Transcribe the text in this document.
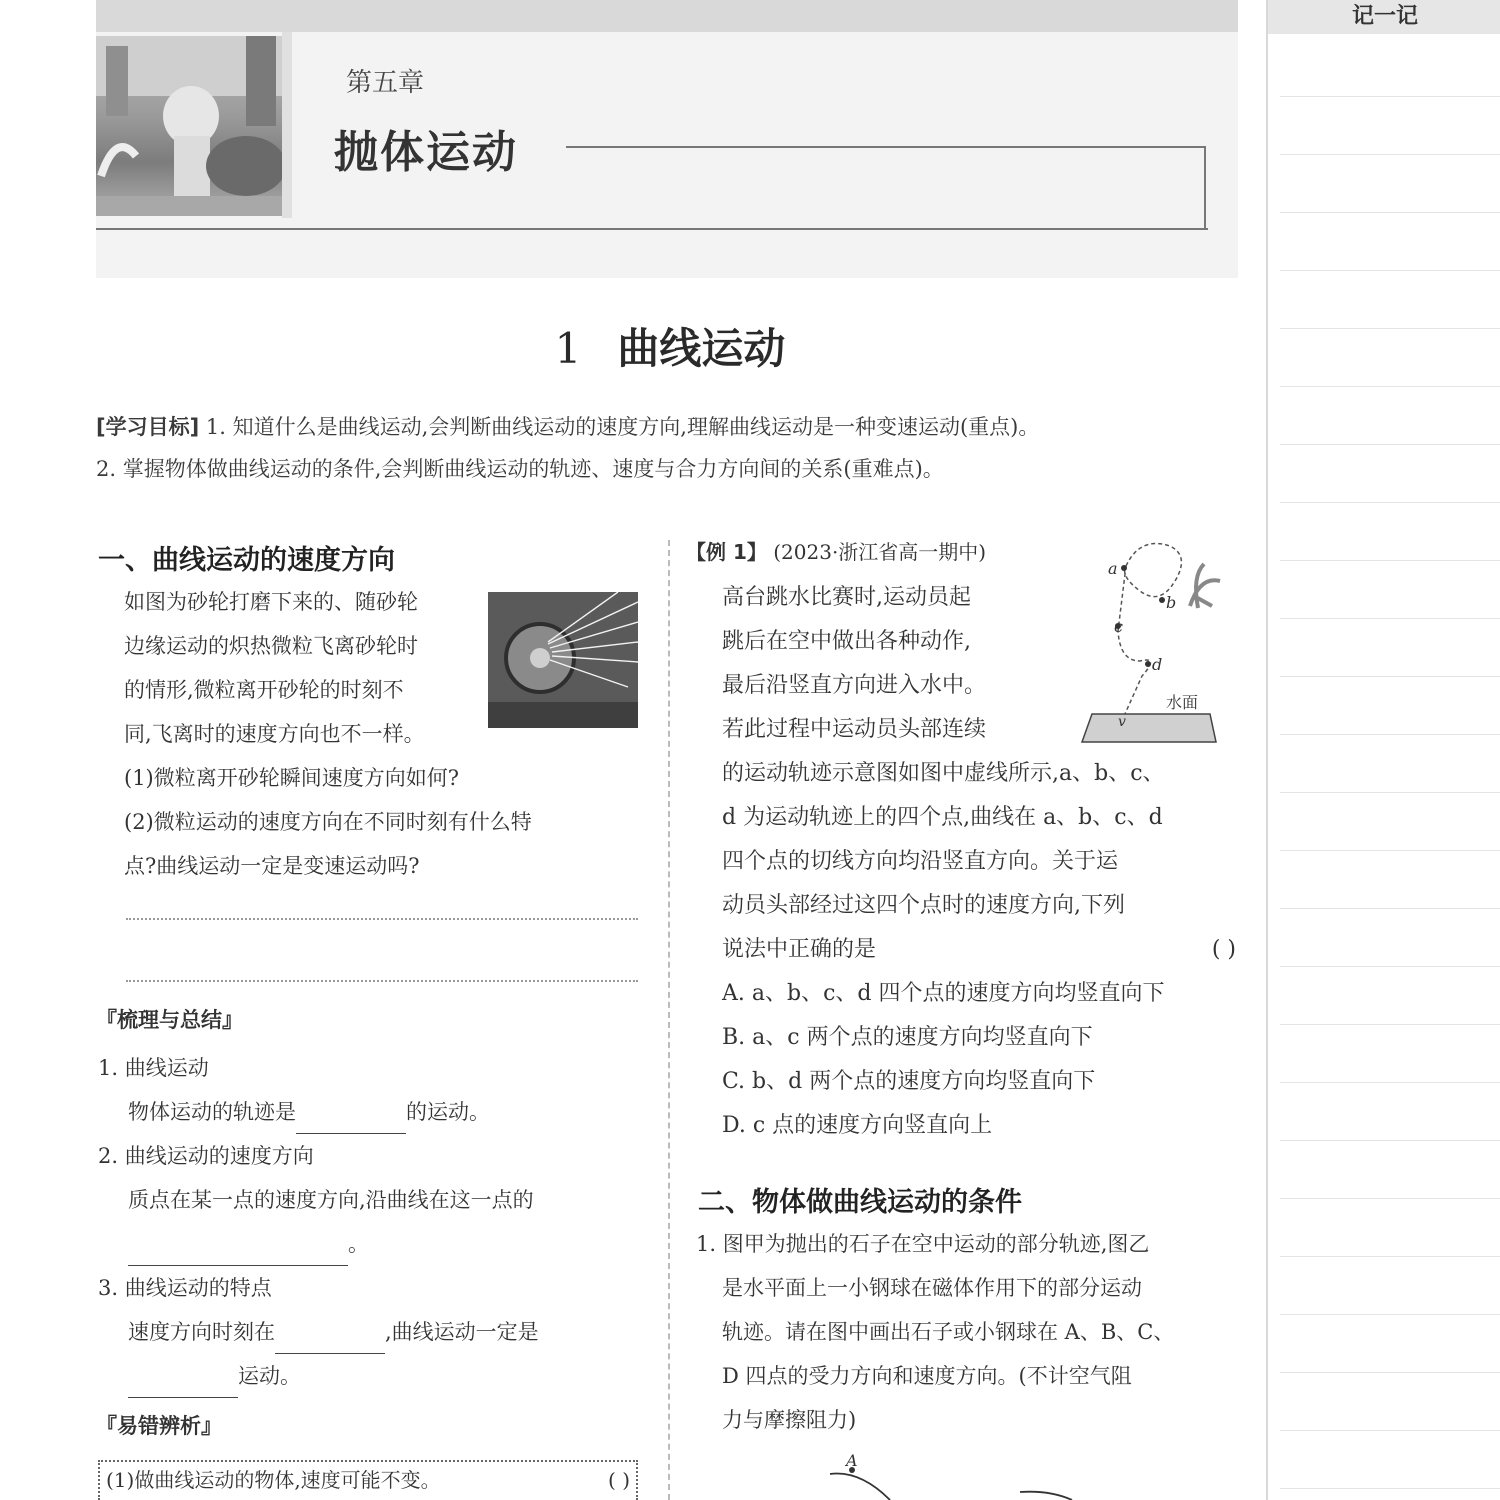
第五章
抛体运动
记一记
1 曲线运动
[学习目标] 1. 知道什么是曲线运动,会判断曲线运动的速度方向,理解曲线运动是一种变速运动(重点)。
2. 掌握物体做曲线运动的条件,会判断曲线运动的轨迹、速度与合力方向间的关系(重难点)。
一、曲线运动的速度方向
如图为砂轮打磨下来的、随砂轮
边缘运动的炽热微粒飞离砂轮时
的情形,微粒离开砂轮的时刻不
同,飞离时的速度方向也不一样。
(1)微粒离开砂轮瞬间速度方向如何?
(2)微粒运动的速度方向在不同时刻有什么特
点?曲线运动一定是变速运动吗?
『梳理与总结』
1. 曲线运动
物体运动的轨迹是	的运动。
2. 曲线运动的速度方向
质点在某一点的速度方向,沿曲线在这一点的
。
3. 曲线运动的特点
速度方向时刻在	,曲线运动一定是
运动。
『易错辨析』
(1)做曲线运动的物体,速度可能不变。	( )
【例 1】 (2023·浙江省高一期中)
a
b
c
d
水面
v
高台跳水比赛时,运动员起
跳后在空中做出各种动作,
最后沿竖直方向进入水中。
若此过程中运动员头部连续
的运动轨迹示意图如图中虚线所示,a、b、c、
d 为运动轨迹上的四个点,曲线在 a、b、c、d
四个点的切线方向均沿竖直方向。关于运
动员头部经过这四个点时的速度方向,下列
说法中正确的是	( )
A. a、b、c、d 四个点的速度方向均竖直向下
B. a、c 两个点的速度方向均竖直向下
C. b、d 两个点的速度方向均竖直向下
D. c 点的速度方向竖直向上
二、物体做曲线运动的条件
1. 图甲为抛出的石子在空中运动的部分轨迹,图乙
是水平面上一小钢球在磁体作用下的部分运动
轨迹。请在图中画出石子或小钢球在 A、B、C、
D 四点的受力方向和速度方向。(不计空气阻
力与摩擦阻力)
A
